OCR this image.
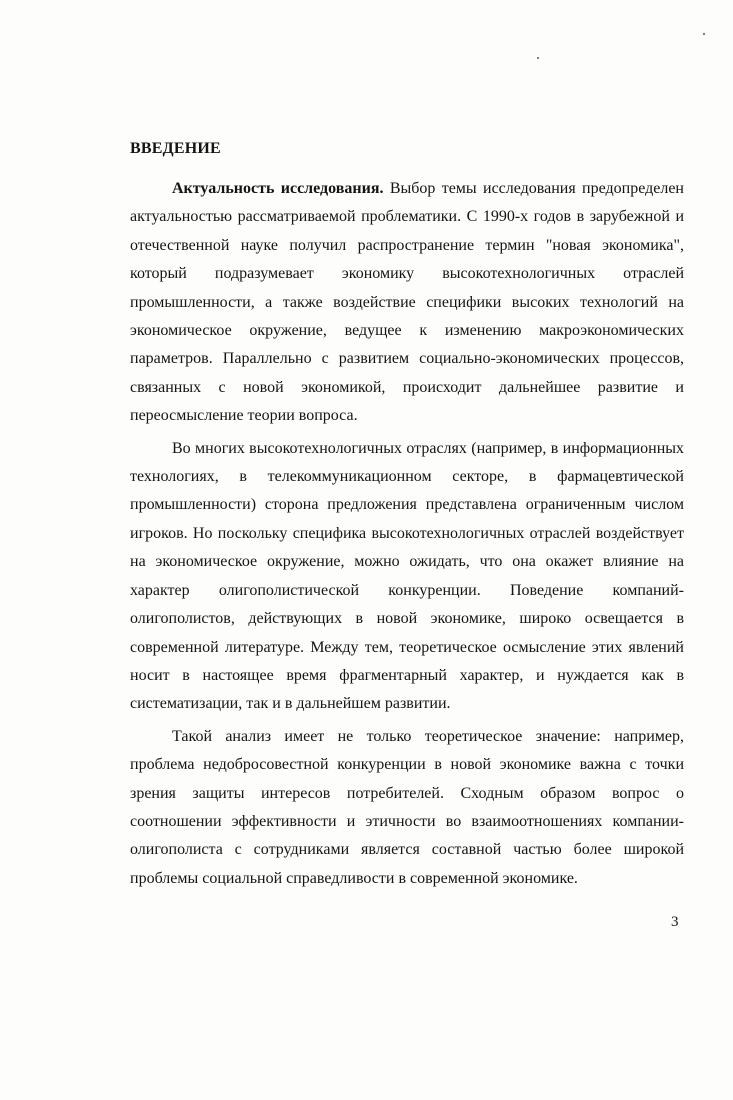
ВВЕДЕНИЕ

Актуальность исследования. Выбор темы исследования предопределен актуальностью рассматриваемой проблематики. С 1990-х годов в зарубежной и отечественной науке получил распространение термин "новая экономика", который подразумевает экономику высокотехнологичных отраслей промышленности, а также воздействие специфики высоких технологий на экономическое окружение, ведущее к изменению макроэкономических параметров. Параллельно с развитием социально-экономических процессов, связанных с новой экономикой, происходит дальнейшее развитие и переосмысление теории вопроса.

Во многих высокотехнологичных отраслях (например, в информационных технологиях, в телекоммуникационном секторе, в фармацевтической промышленности) сторона предложения представлена ограниченным числом игроков. Но поскольку специфика высокотехнологичных отраслей воздействует на экономическое окружение, можно ожидать, что она окажет влияние на характер олигополистической конкуренции. Поведение компаний-олигополистов, действующих в новой экономике, широко освещается в современной литературе. Между тем, теоретическое осмысление этих явлений носит в настоящее время фрагментарный характер, и нуждается как в систематизации, так и в дальнейшем развитии.

Такой анализ имеет не только теоретическое значение: например, проблема недобросовестной конкуренции в новой экономике важна с точки зрения защиты интересов потребителей. Сходным образом вопрос о соотношении эффективности и этичности во взаимоотношениях компании-олигополиста с сотрудниками является составной частью более широкой проблемы социальной справедливости в современной экономике.

3
